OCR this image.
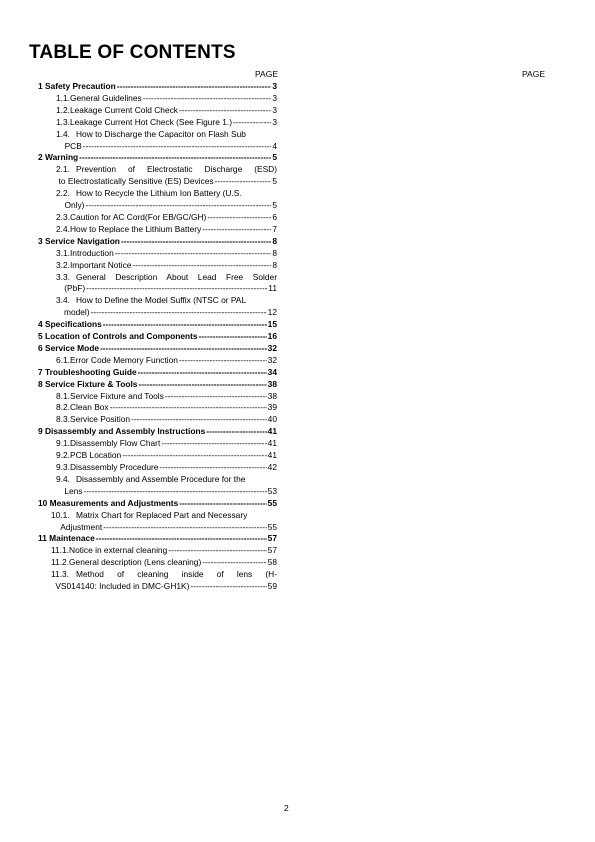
TABLE OF CONTENTS
PAGE	PAGE
1 Safety Precaution -----	3
1.1. General Guidelines -----	3
1.2. Leakage Current Cold Check -----	3
1.3. Leakage Current Hot Check (See Figure 1.) -----	3
1.4. How to Discharge the Capacitor on Flash Sub
PCB -----	4
2 Warning -----	5
2.1. Prevention of Electrostatic Discharge (ESD)
to Electrostatically Sensitive (ES) Devices -----	5
2.2. How to Recycle the Lithium Ion Battery (U.S.
Only) -----	5
2.3. Caution for AC Cord(For EB/GC/GH) -----	6
2.4. How to Replace the Lithium Battery -----	7
3 Service Navigation -----	8
3.1. Introduction -----	8
3.2. Important Notice -----	8
3.3. General Description About Lead Free Solder
(PbF) -----	11
3.4. How to Define the Model Suffix (NTSC or PAL
model) -----	12
4 Specifications -----	15
5 Location of Controls and Components -----	16
6 Service Mode -----	32
6.1. Error Code Memory Function -----	32
7 Troubleshooting Guide -----	34
8 Service Fixture & Tools -----	38
8.1. Service Fixture and Tools -----	38
8.2. Clean Box -----	39
8.3. Service Position -----	40
9 Disassembly and Assembly Instructions -----	41
9.1. Disassembly Flow Chart -----	41
9.2. PCB Location -----	41
9.3. Disassembly Procedure -----	42
9.4. Disassembly and Assemble Procedure for the
Lens -----	53
10 Measurements and Adjustments -----	55
10.1. Matrix Chart for Replaced Part and Necessary
Adjustment -----	55
11 Maintenace -----	57
11.1. Notice in external cleaning -----	57
11.2. General description (Lens cleaning) -----	58
11.3. Method of cleaning inside of lens (H-
VS014140: Included in DMC-GH1K) -----	59
2
